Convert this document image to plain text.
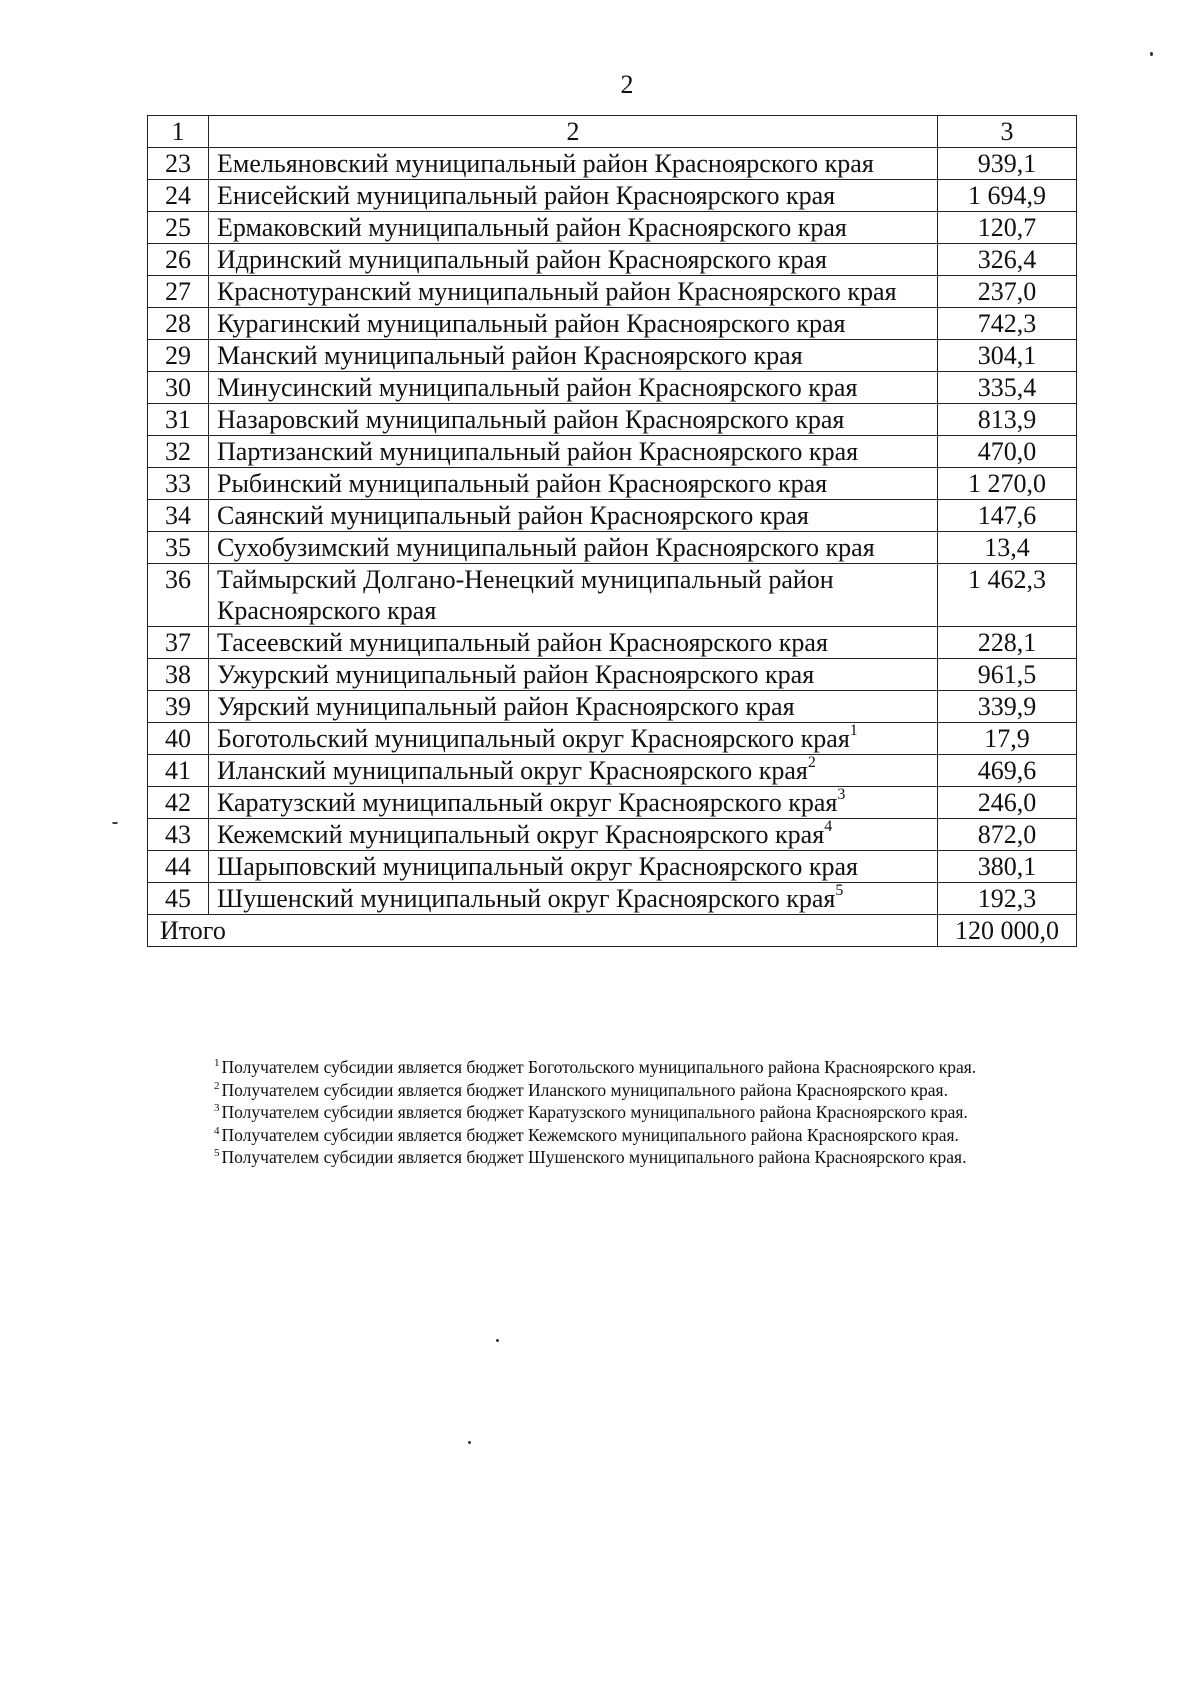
2
1	2	3
23	Емельяновский муниципальный район Красноярского края	939,1
24	Енисейский муниципальный район Красноярского края	1 694,9
25	Ермаковский муниципальный район Красноярского края	120,7
26	Идринский муниципальный район Красноярского края	326,4
27	Краснотуранский муниципальный район Красноярского края	237,0
28	Курагинский муниципальный район Красноярского края	742,3
29	Манский муниципальный район Красноярского края	304,1
30	Минусинский муниципальный район Красноярского края	335,4
31	Назаровский муниципальный район Красноярского края	813,9
32	Партизанский муниципальный район Красноярского края	470,0
33	Рыбинский муниципальный район Красноярского края	1 270,0
34	Саянский муниципальный район Красноярского края	147,6
35	Сухобузимский муниципальный район Красноярского края	13,4
36	Таймырский Долгано-Ненецкий муниципальный район Красноярского края	1 462,3
37	Тасеевский муниципальный район Красноярского края	228,1
38	Ужурский муниципальный район Красноярского края	961,5
39	Уярский муниципальный район Красноярского края	339,9
40	Боготольский муниципальный округ Красноярского края$^1$	17,9
41	Иланский муниципальный округ Красноярского края$^2$	469,6
42	Каратузский муниципальный округ Красноярского края$^3$	246,0
43	Кежемский муниципальный округ Красноярского края$^4$	872,0
44	Шарыповский муниципальный округ Красноярского края	380,1
45	Шушенский муниципальный округ Красноярского края$^5$	192,3
Итого		120 000,0
$^1$ Получателем субсидии является бюджет Боготольского муниципального района Красноярского края.
$^2$ Получателем субсидии является бюджет Иланского муниципального района Красноярского края.
$^3$ Получателем субсидии является бюджет Каратузского муниципального района Красноярского края.
$^4$ Получателем субсидии является бюджет Кежемского муниципального района Красноярского края.
$^5$ Получателем субсидии является бюджет Шушенского муниципального района Красноярского края.
